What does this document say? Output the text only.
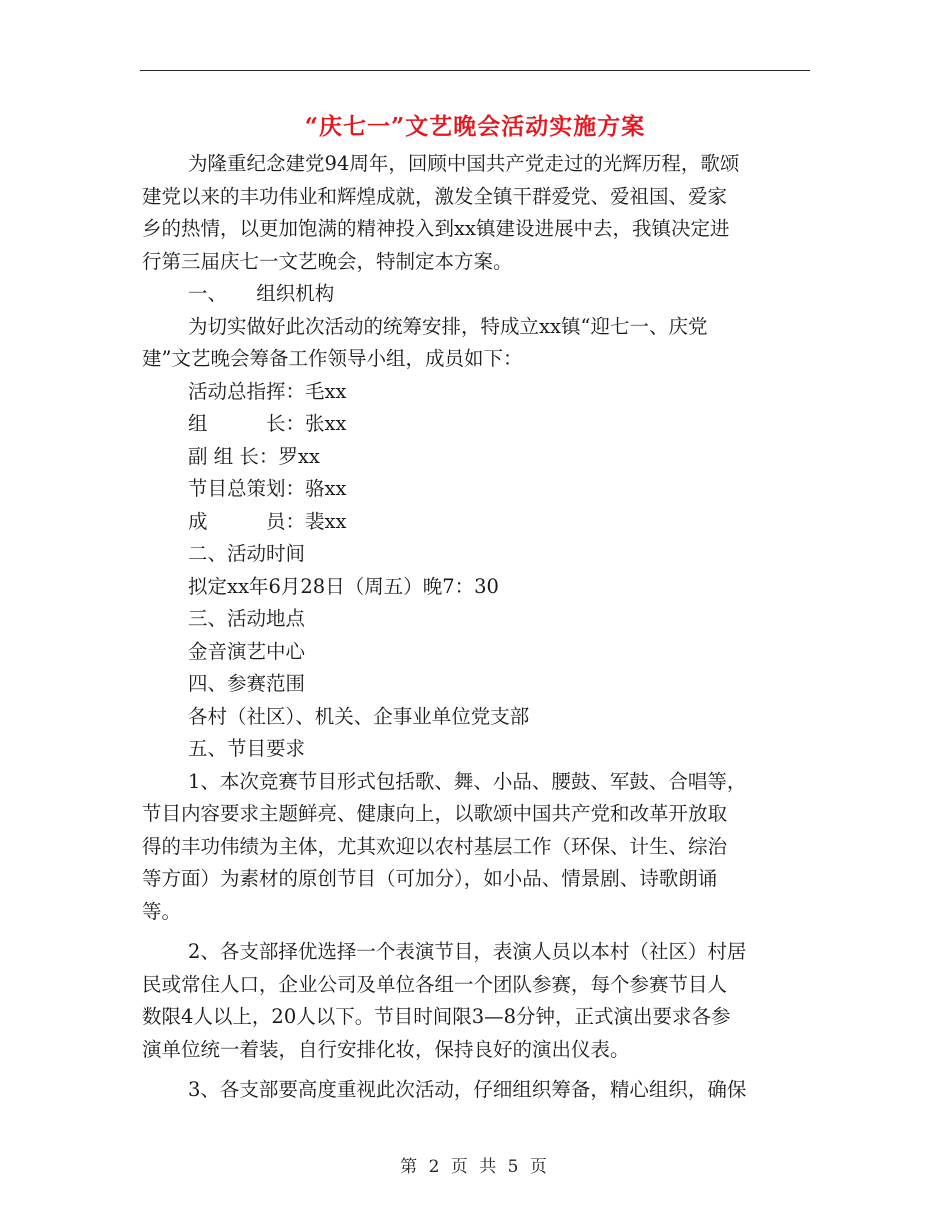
“庆七一”文艺晚会活动实施方案
为隆重纪念建党94周年，回顾中国共产党走过的光辉历程，歌颂
建党以来的丰功伟业和辉煌成就，激发全镇干群爱党、爱祖国、爱家
乡的热情，以更加饱满的精神投入到xx镇建设进展中去，我镇决定进
行第三届庆七一文艺晚会，特制定本方案。
一、　　组织机构
为切实做好此次活动的统筹安排，特成立xx镇“迎七一、庆党
建”文艺晚会筹备工作领导小组，成员如下：
活动总指挥：毛xx
组　　　长：张xx
副 组 长：罗xx
节目总策划：骆xx
成　　　员：裴xx
二、活动时间
拟定xx年6月28日（周五）晚7：30
三、活动地点
金音演艺中心
四、参赛范围
各村（社区）、机关、企事业单位党支部
五、节目要求
1、本次竞赛节目形式包括歌、舞、小品、腰鼓、军鼓、合唱等，
节目内容要求主题鲜亮、健康向上，以歌颂中国共产党和改革开放取
得的丰功伟绩为主体，尤其欢迎以农村基层工作（环保、计生、综治
等方面）为素材的原创节目（可加分），如小品、情景剧、诗歌朗诵
等。
2、各支部择优选择一个表演节目，表演人员以本村（社区）村居
民或常住人口，企业公司及单位各组一个团队参赛，每个参赛节目人
数限4人以上，20人以下。节目时间限3—8分钟，正式演出要求各参
演单位统一着装，自行安排化妆，保持良好的演出仪表。
3、各支部要高度重视此次活动，仔细组织筹备，精心组织，确保
第 2 页 共 5 页
